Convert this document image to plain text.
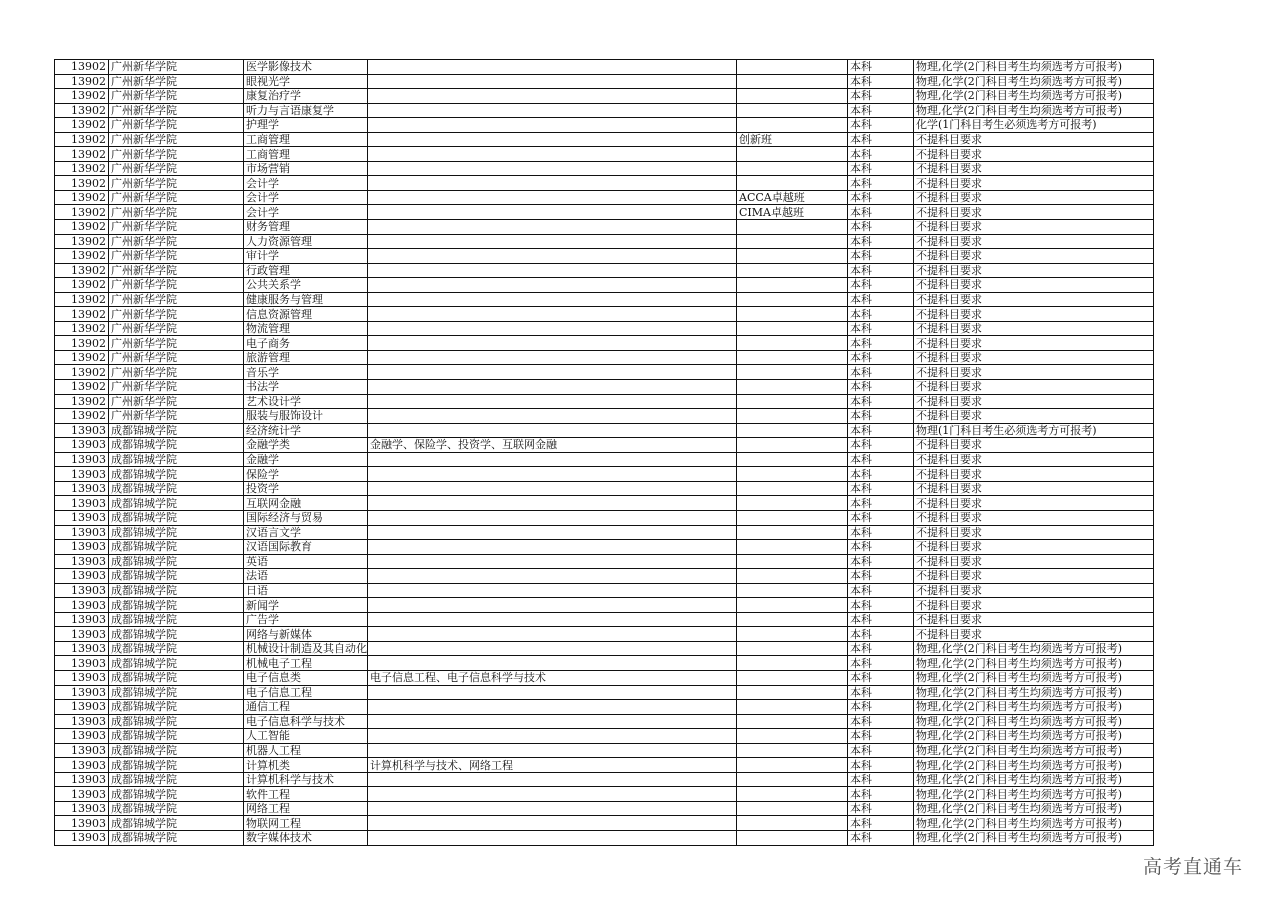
13902	广州新华学院	医学影像技术			本科	物理,化学(2门科目考生均须选考方可报考)
13902	广州新华学院	眼视光学			本科	物理,化学(2门科目考生均须选考方可报考)
13902	广州新华学院	康复治疗学			本科	物理,化学(2门科目考生均须选考方可报考)
13902	广州新华学院	听力与言语康复学			本科	物理,化学(2门科目考生均须选考方可报考)
13902	广州新华学院	护理学			本科	化学(1门科目考生必须选考方可报考)
13902	广州新华学院	工商管理		创新班	本科	不提科目要求
13902	广州新华学院	工商管理			本科	不提科目要求
13902	广州新华学院	市场营销			本科	不提科目要求
13902	广州新华学院	会计学			本科	不提科目要求
13902	广州新华学院	会计学		ACCA卓越班	本科	不提科目要求
13902	广州新华学院	会计学		CIMA卓越班	本科	不提科目要求
13902	广州新华学院	财务管理			本科	不提科目要求
13902	广州新华学院	人力资源管理			本科	不提科目要求
13902	广州新华学院	审计学			本科	不提科目要求
13902	广州新华学院	行政管理			本科	不提科目要求
13902	广州新华学院	公共关系学			本科	不提科目要求
13902	广州新华学院	健康服务与管理			本科	不提科目要求
13902	广州新华学院	信息资源管理			本科	不提科目要求
13902	广州新华学院	物流管理			本科	不提科目要求
13902	广州新华学院	电子商务			本科	不提科目要求
13902	广州新华学院	旅游管理			本科	不提科目要求
13902	广州新华学院	音乐学			本科	不提科目要求
13902	广州新华学院	书法学			本科	不提科目要求
13902	广州新华学院	艺术设计学			本科	不提科目要求
13902	广州新华学院	服装与服饰设计			本科	不提科目要求
13903	成都锦城学院	经济统计学			本科	物理(1门科目考生必须选考方可报考)
13903	成都锦城学院	金融学类	金融学、保险学、投资学、互联网金融		本科	不提科目要求
13903	成都锦城学院	金融学			本科	不提科目要求
13903	成都锦城学院	保险学			本科	不提科目要求
13903	成都锦城学院	投资学			本科	不提科目要求
13903	成都锦城学院	互联网金融			本科	不提科目要求
13903	成都锦城学院	国际经济与贸易			本科	不提科目要求
13903	成都锦城学院	汉语言文学			本科	不提科目要求
13903	成都锦城学院	汉语国际教育			本科	不提科目要求
13903	成都锦城学院	英语			本科	不提科目要求
13903	成都锦城学院	法语			本科	不提科目要求
13903	成都锦城学院	日语			本科	不提科目要求
13903	成都锦城学院	新闻学			本科	不提科目要求
13903	成都锦城学院	广告学			本科	不提科目要求
13903	成都锦城学院	网络与新媒体			本科	不提科目要求
13903	成都锦城学院	机械设计制造及其自动化			本科	物理,化学(2门科目考生均须选考方可报考)
13903	成都锦城学院	机械电子工程			本科	物理,化学(2门科目考生均须选考方可报考)
13903	成都锦城学院	电子信息类	电子信息工程、电子信息科学与技术		本科	物理,化学(2门科目考生均须选考方可报考)
13903	成都锦城学院	电子信息工程			本科	物理,化学(2门科目考生均须选考方可报考)
13903	成都锦城学院	通信工程			本科	物理,化学(2门科目考生均须选考方可报考)
13903	成都锦城学院	电子信息科学与技术			本科	物理,化学(2门科目考生均须选考方可报考)
13903	成都锦城学院	人工智能			本科	物理,化学(2门科目考生均须选考方可报考)
13903	成都锦城学院	机器人工程			本科	物理,化学(2门科目考生均须选考方可报考)
13903	成都锦城学院	计算机类	计算机科学与技术、网络工程		本科	物理,化学(2门科目考生均须选考方可报考)
13903	成都锦城学院	计算机科学与技术			本科	物理,化学(2门科目考生均须选考方可报考)
13903	成都锦城学院	软件工程			本科	物理,化学(2门科目考生均须选考方可报考)
13903	成都锦城学院	网络工程			本科	物理,化学(2门科目考生均须选考方可报考)
13903	成都锦城学院	物联网工程			本科	物理,化学(2门科目考生均须选考方可报考)
13903	成都锦城学院	数字媒体技术			本科	物理,化学(2门科目考生均须选考方可报考)
高考直通车
